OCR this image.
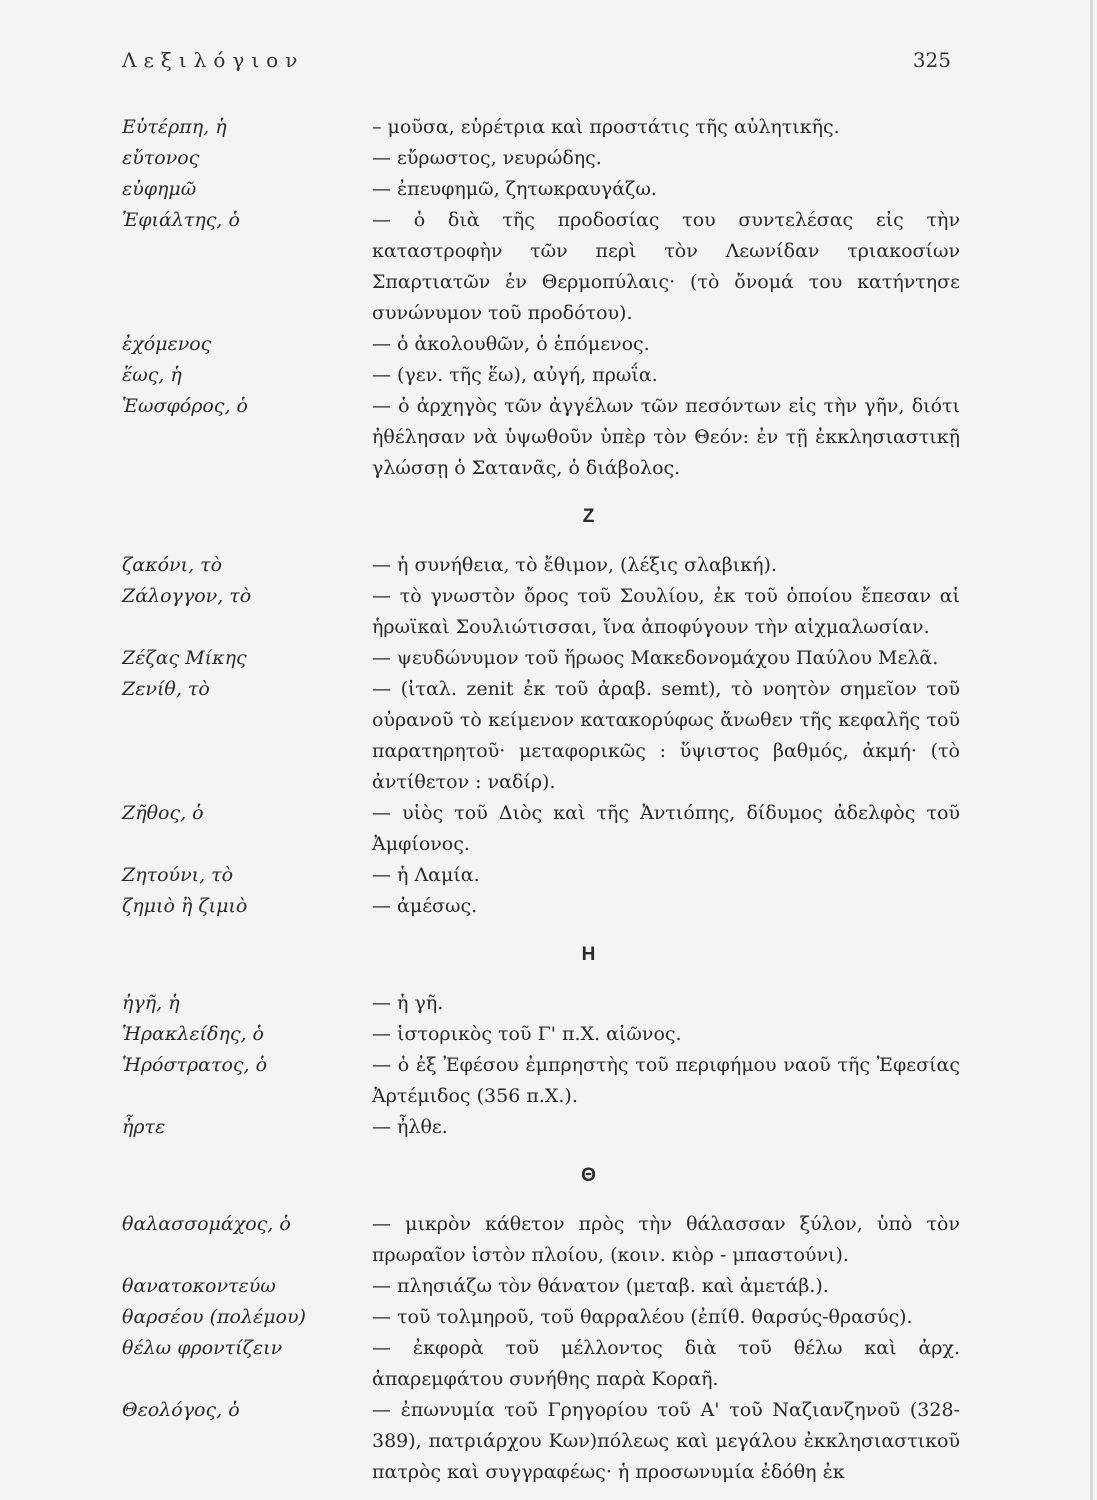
Λεξιλόγιον	325
Εὐτέρπη, ἡ	– μοῦσα, εὑρέτρια καὶ προστάτις τῆς αὐλητικῆς.
εὔτονος	— εὔρωστος, νευρώδης.
εὐφημῶ	— ἐπευφημῶ, ζητωκραυγάζω.
Ἐφιάλτης, ὁ	— ὁ διὰ τῆς προδοσίας του συντελέσας εἰς τὴν καταστροφὴν τῶν περὶ τὸν Λεωνίδαν τριακοσίων Σπαρτιατῶν ἐν Θερμοπύλαις· (τὸ ὄνομά του κατήντησε συνώνυμον τοῦ προδότου).
ἐχόμενος	— ὁ ἀκολουθῶν, ὁ ἑπόμενος.
ἕως, ἡ	— (γεν. τῆς ἕω), αὐγή, πρωΐα.
Ἑωσφόρος, ὁ	— ὁ ἀρχηγὸς τῶν ἀγγέλων τῶν πεσόντων εἰς τὴν γῆν, διότι ἠθέλησαν νὰ ὑψωθοῦν ὑπὲρ τὸν Θεόν: ἐν τῇ ἐκκλησιαστικῇ γλώσσῃ ὁ Σατανᾶς, ὁ διάβολος.
Z
ζακόνι, τὸ	— ἡ συνήθεια, τὸ ἔθιμον, (λέξις σλαβική).
Ζάλογγον, τὸ	— τὸ γνωστὸν ὄρος τοῦ Σουλίου, ἐκ τοῦ ὁποίου ἔπεσαν αἱ ἡρωϊκαὶ Σουλιώτισσαι, ἵνα ἀποφύγουν τὴν αἰχμαλωσίαν.
Ζέζας Μίκης	— ψευδώνυμον τοῦ ἥρωος Μακεδονομάχου Παύλου Μελᾶ.
Ζενίθ, τὸ	— (ἰταλ. zenit ἐκ τοῦ ἀραβ. semt), τὸ νοητὸν σημεῖον τοῦ οὐρανοῦ τὸ κείμενον κατακορύφως ἄνωθεν τῆς κεφαλῆς τοῦ παρατηρητοῦ· μεταφορικῶς : ὕψιστος βαθμός, ἀκμή· (τὸ ἀντίθετον : ναδίρ).
Ζῆθος, ὁ	— υἱὸς τοῦ Διὸς καὶ τῆς Ἀντιόπης, δίδυμος ἀδελφὸς τοῦ Ἀμφίονος.
Ζητούνι, τὸ	— ἡ Λαμία.
ζημιὸ ἢ ζιμιὸ	— ἀμέσως.
H
ἠγῆ, ἡ	— ἡ γῆ.
Ἡρακλείδης, ὁ	— ἱστορικὸς τοῦ Γ' π.Χ. αἰῶνος.
Ἡρόστρατος, ὁ	— ὁ ἐξ Ἐφέσου ἐμπρηστὴς τοῦ περιφήμου ναοῦ τῆς Ἐφεσίας Ἀρτέμιδος (356 π.Χ.).
ἦρτε	— ἦλθε.
Θ
θαλασσομάχος, ὁ	— μικρὸν κάθετον πρὸς τὴν θάλασσαν ξύλον, ὑπὸ τὸν πρωραῖον ἱστὸν πλοίου, (κοιν. κιὸρ - μπαστούνι).
θανατοκοντεύω	— πλησιάζω τὸν θάνατον (μεταβ. καὶ ἀμετάβ.).
θαρσέου (πολέμου)	— τοῦ τολμηροῦ, τοῦ θαρραλέου (ἐπίθ. θαρσύς-θρασύς).
θέλω φροντίζειν	— ἐκφορὰ τοῦ μέλλοντος διὰ τοῦ θέλω καὶ ἀρχ. ἀπαρεμφάτου συνήθης παρὰ Κοραῆ.
Θεολόγος, ὁ	— ἐπωνυμία τοῦ Γρηγορίου τοῦ Α' τοῦ Ναζιανζηνοῦ (328-389), πατριάρχου Κων)πόλεως καὶ μεγάλου ἐκκλησιαστικοῦ πατρὸς καὶ συγγραφέως· ἡ προσωνυμία ἐδόθη ἐκ
